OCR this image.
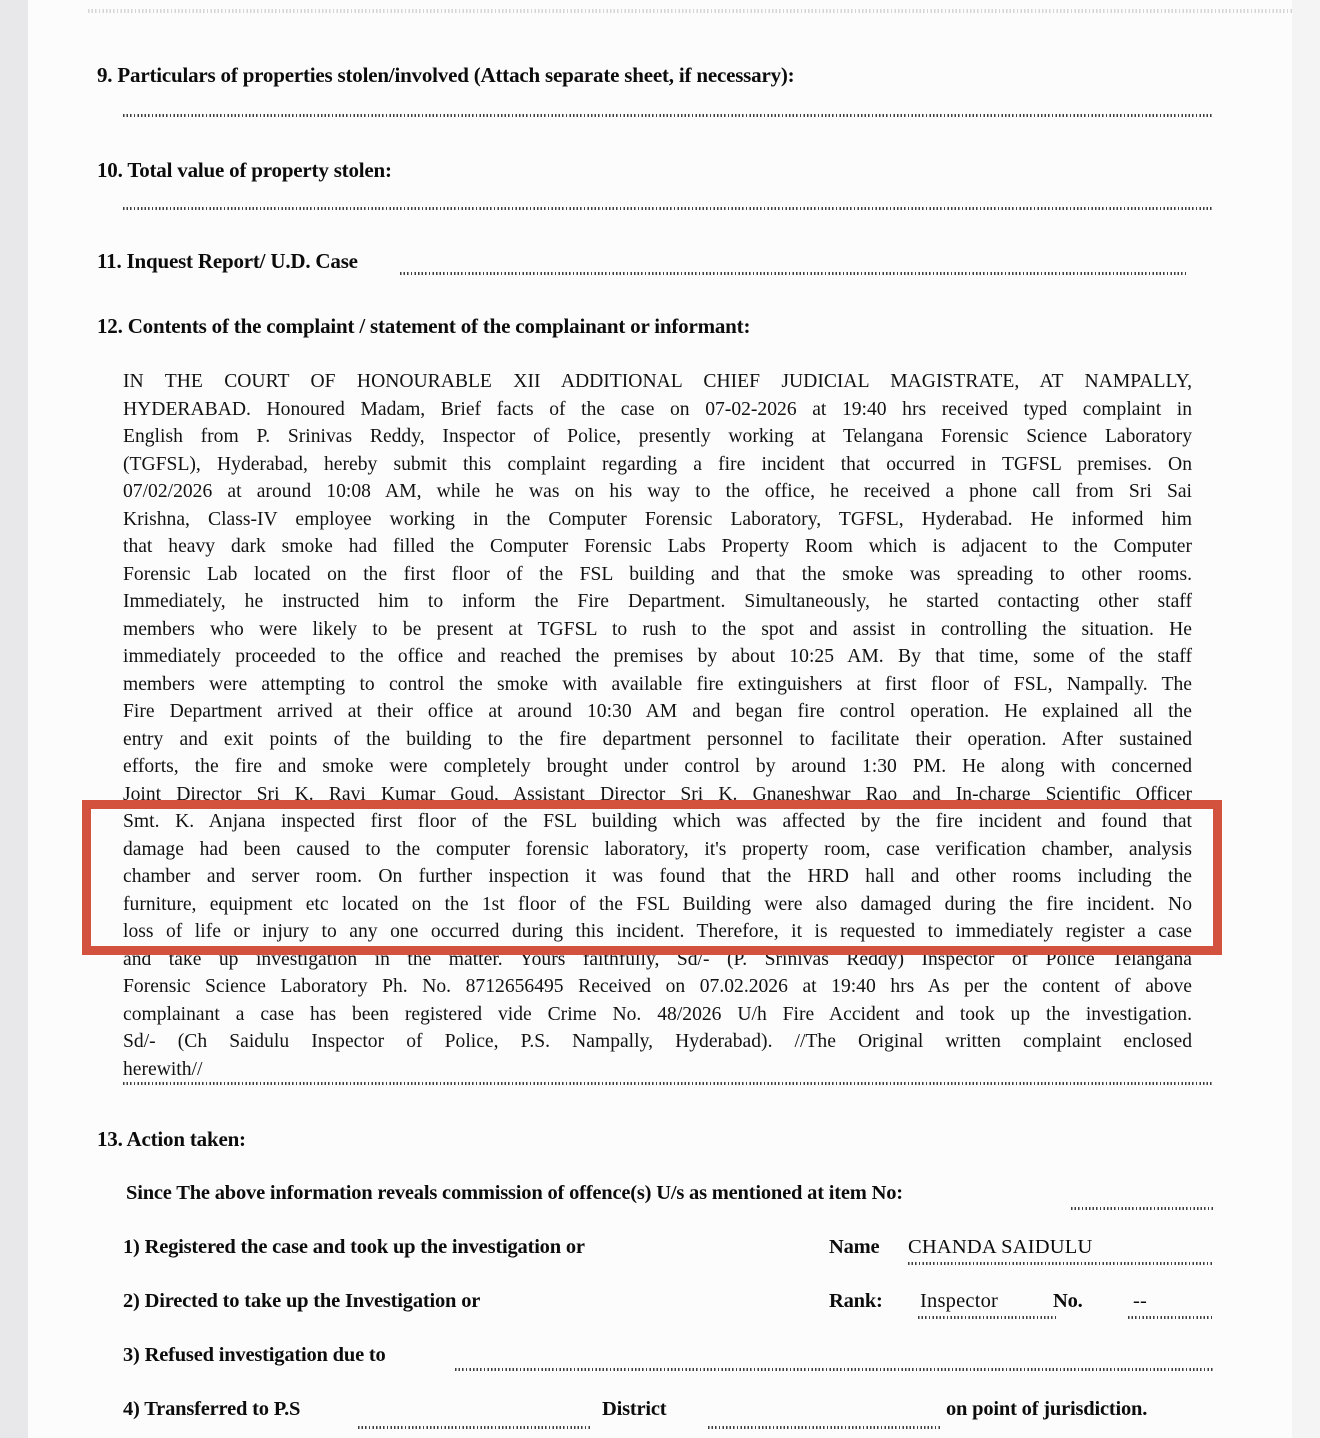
9. Particulars of properties stolen/involved (Attach separate sheet, if necessary):
10. Total value of property stolen:
11. Inquest Report/ U.D. Case
12. Contents of the complaint / statement of the complainant or informant:
IN THE COURT OF HONOURABLE XII ADDITIONAL CHIEF JUDICIAL MAGISTRATE, AT NAMPALLY,
HYDERABAD. Honoured Madam, Brief facts of the case on 07-02-2026 at 19:40 hrs received typed complaint in
English from P. Srinivas Reddy, Inspector of Police, presently working at Telangana Forensic Science Laboratory
(TGFSL), Hyderabad, hereby submit this complaint regarding a fire incident that occurred in TGFSL premises. On
07/02/2026 at around 10:08 AM, while he was on his way to the office, he received a phone call from Sri Sai
Krishna, Class-IV employee working in the Computer Forensic Laboratory, TGFSL, Hyderabad. He informed him
that heavy dark smoke had filled the Computer Forensic Labs Property Room which is adjacent to the Computer
Forensic Lab located on the first floor of the FSL building and that the smoke was spreading to other rooms.
Immediately, he instructed him to inform the Fire Department. Simultaneously, he started contacting other staff
members who were likely to be present at TGFSL to rush to the spot and assist in controlling the situation. He
immediately proceeded to the office and reached the premises by about 10:25 AM. By that time, some of the staff
members were attempting to control the smoke with available fire extinguishers at first floor of FSL, Nampally. The
Fire Department arrived at their office at around 10:30 AM and began fire control operation. He explained all the
entry and exit points of the building to the fire department personnel to facilitate their operation. After sustained
efforts, the fire and smoke were completely brought under control by around 1:30 PM. He along with concerned
Joint Director Sri K. Ravi Kumar Goud, Assistant Director Sri K. Gnaneshwar Rao and In-charge Scientific Officer
Smt. K. Anjana inspected first floor of the FSL building which was affected by the fire incident and found that
damage had been caused to the computer forensic laboratory, it's property room, case verification chamber, analysis
chamber and server room. On further inspection it was found that the HRD hall and other rooms including the
furniture, equipment etc located on the 1st floor of the FSL Building were also damaged during the fire incident. No
loss of life or injury to any one occurred during this incident. Therefore, it is requested to immediately register a case
and take up investigation in the matter. Yours faithfully, Sd/- (P. Srinivas Reddy) Inspector of Police Telangana
Forensic Science Laboratory Ph. No. 8712656495 Received on 07.02.2026 at 19:40 hrs As per the content of above
complainant a case has been registered vide Crime No. 48/2026 U/h Fire Accident and took up the investigation.
Sd/- (Ch Saidulu Inspector of Police, P.S. Nampally, Hyderabad). //The Original written complaint enclosed
herewith//
13. Action taken:
Since The above information reveals commission of offence(s) U/s as mentioned at item No:
1) Registered the case and took up the investigation or	Name CHANDA SAIDULU
2) Directed to take up the Investigation or	Rank: Inspector	No. --
3) Refused investigation due to
4) Transferred to P.S	District	on point of jurisdiction.
